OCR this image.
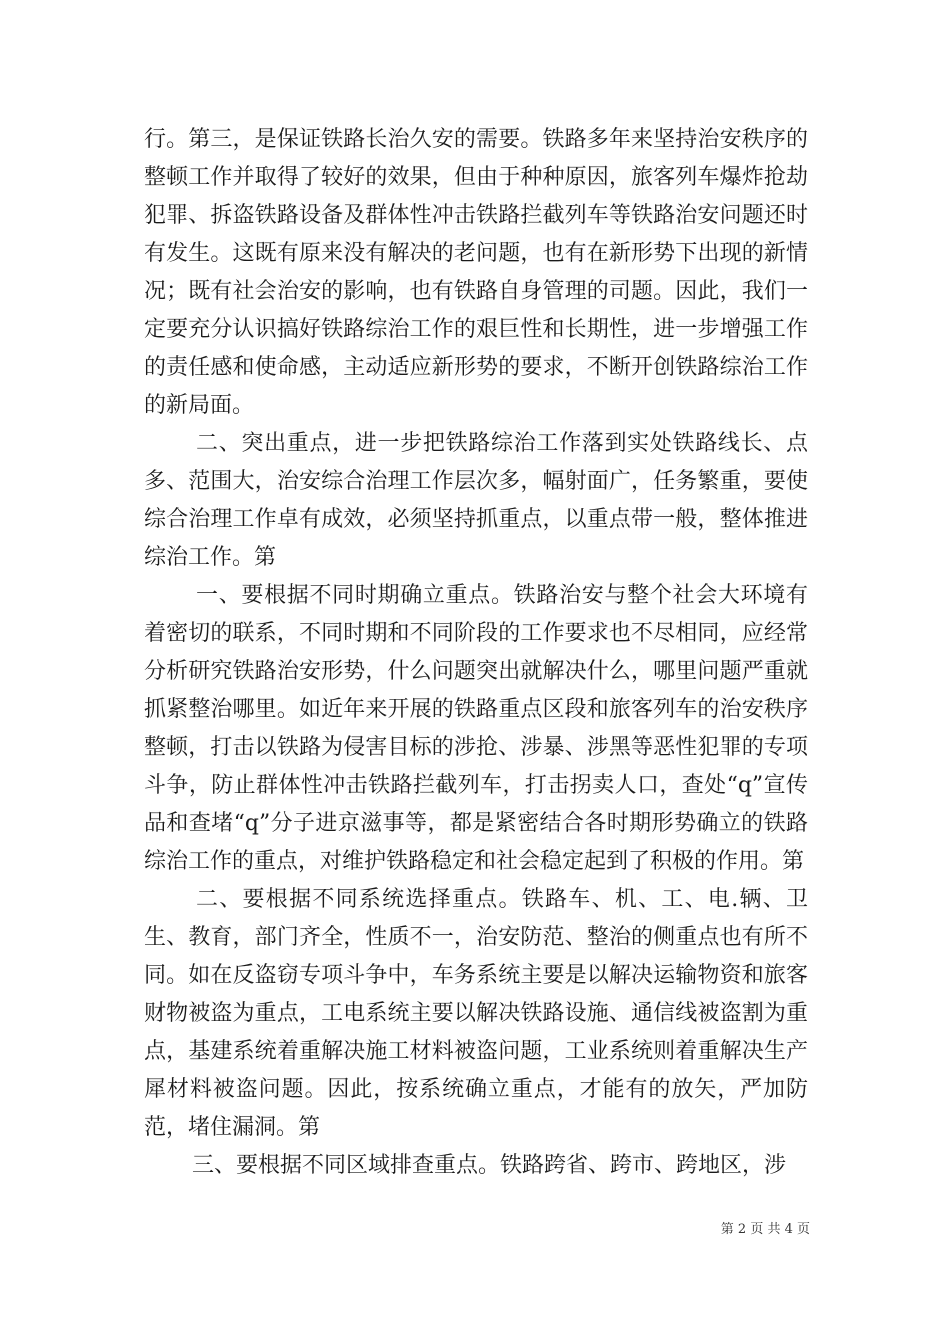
行。第三，是保证铁路长治久安的需要。铁路多年来坚持治安秩序的整顿工作并取得了较好的效果，但由于种种原因，旅客列车爆炸抢劫犯罪、拆盗铁路设备及群体性冲击铁路拦截列车等铁路治安问题还时有发生。这既有原来没有解决的老问题，也有在新形势下出现的新情况；既有社会治安的影响，也有铁路自身管理的司题。因此，我们一定要充分认识搞好铁路综治工作的艰巨性和长期性，进一步增强工作的责任感和使命感，主动适应新形势的要求，不断开创铁路综治工作的新局面。

二、突出重点，进一步把铁路综治工作落到实处铁路线长、点多、范围大，治安综合治理工作层次多，幅射面广，任务繁重，要使综合治理工作卓有成效，必须坚持抓重点，以重点带一般，整体推进综治工作。第

一、要根据不同时期确立重点。铁路治安与整个社会大环境有着密切的联系，不同时期和不同阶段的工作要求也不尽相同，应经常分析研究铁路治安形势，什么问题突出就解决什么，哪里问题严重就抓紧整治哪里。如近年来开展的铁路重点区段和旅客列车的治安秩序整顿，打击以铁路为侵害目标的涉抢、涉暴、涉黑等恶性犯罪的专项斗争，防止群体性冲击铁路拦截列车，打击拐卖人口，查处“q”宣传品和查堵“q”分子进京滋事等，都是紧密结合各时期形势确立的铁路综治工作的重点，对维护铁路稳定和社会稳定起到了积极的作用。第

二、要根据不同系统选择重点。铁路车、机、工、电.辆、卫生、教育，部门齐全，性质不一，治安防范、整治的侧重点也有所不同。如在反盗窃专项斗争中，车务系统主要是以解决运输物资和旅客财物被盗为重点，工电系统主要以解决铁路设施、通信线被盗割为重点，基建系统着重解决施工材料被盗问题，工业系统则着重解决生产犀材料被盗问题。因此，按系统确立重点，才能有的放矢，严加防范，堵住漏洞。第

三、要根据不同区域排查重点。铁路跨省、跨市、跨地区，涉

第 2 页 共 4 页
